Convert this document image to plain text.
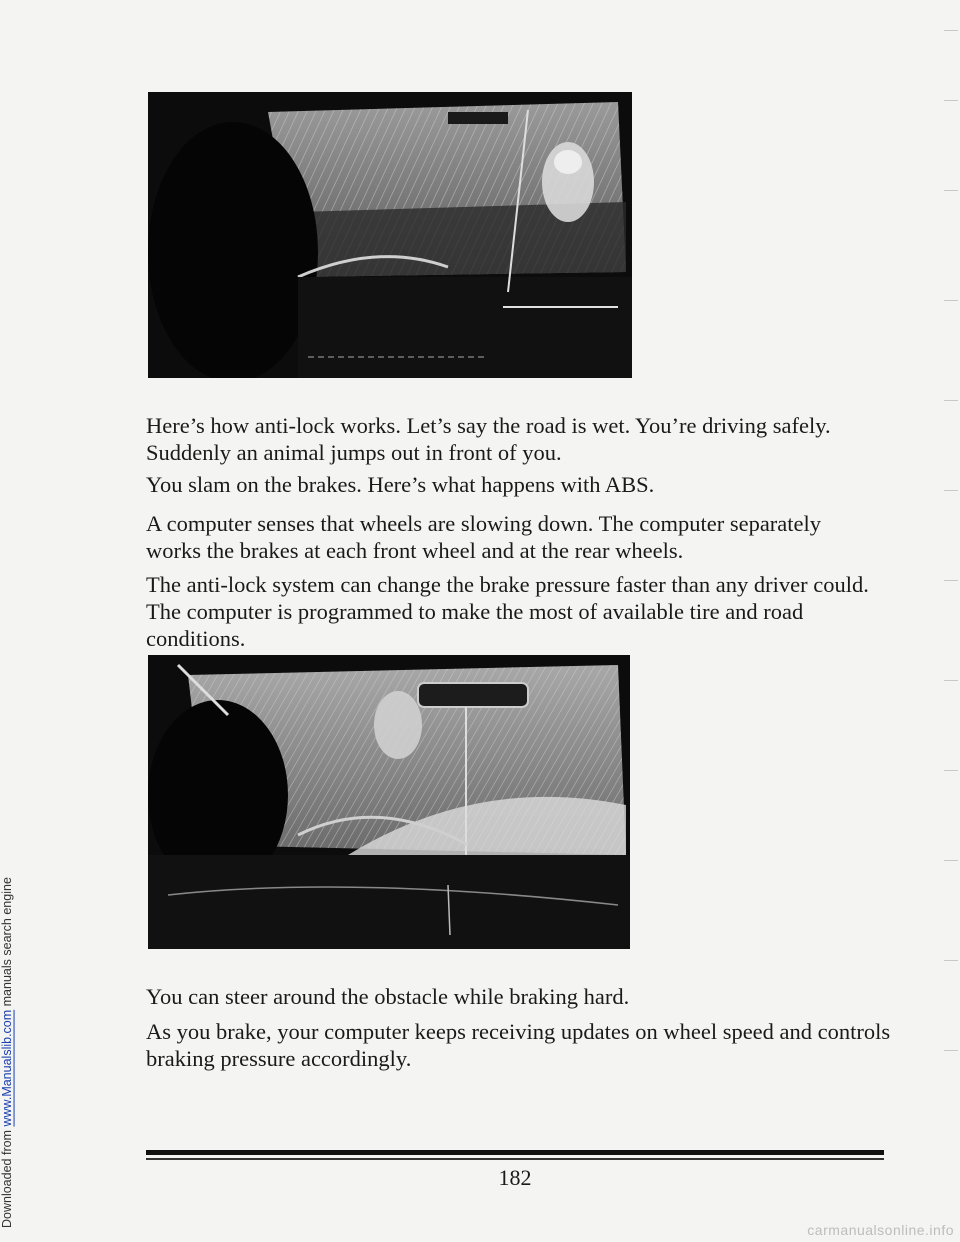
Downloaded from www.Manualslib.com manuals search engine

Here’s how anti-lock works. Let’s say the road is wet. You’re driving safely. Suddenly an animal jumps out in front of you.

You slam on the brakes. Here’s what happens with ABS.

A computer senses that wheels are slowing down. The computer separately works the brakes at each front wheel and at the rear wheels.

The anti-lock system can change the brake pressure faster than any driver could. The computer is programmed to make the most of available tire and road conditions.

You can steer around the obstacle while braking hard.

As you brake, your computer keeps receiving updates on wheel speed and controls braking pressure accordingly.

182
carmanualsonline.info
